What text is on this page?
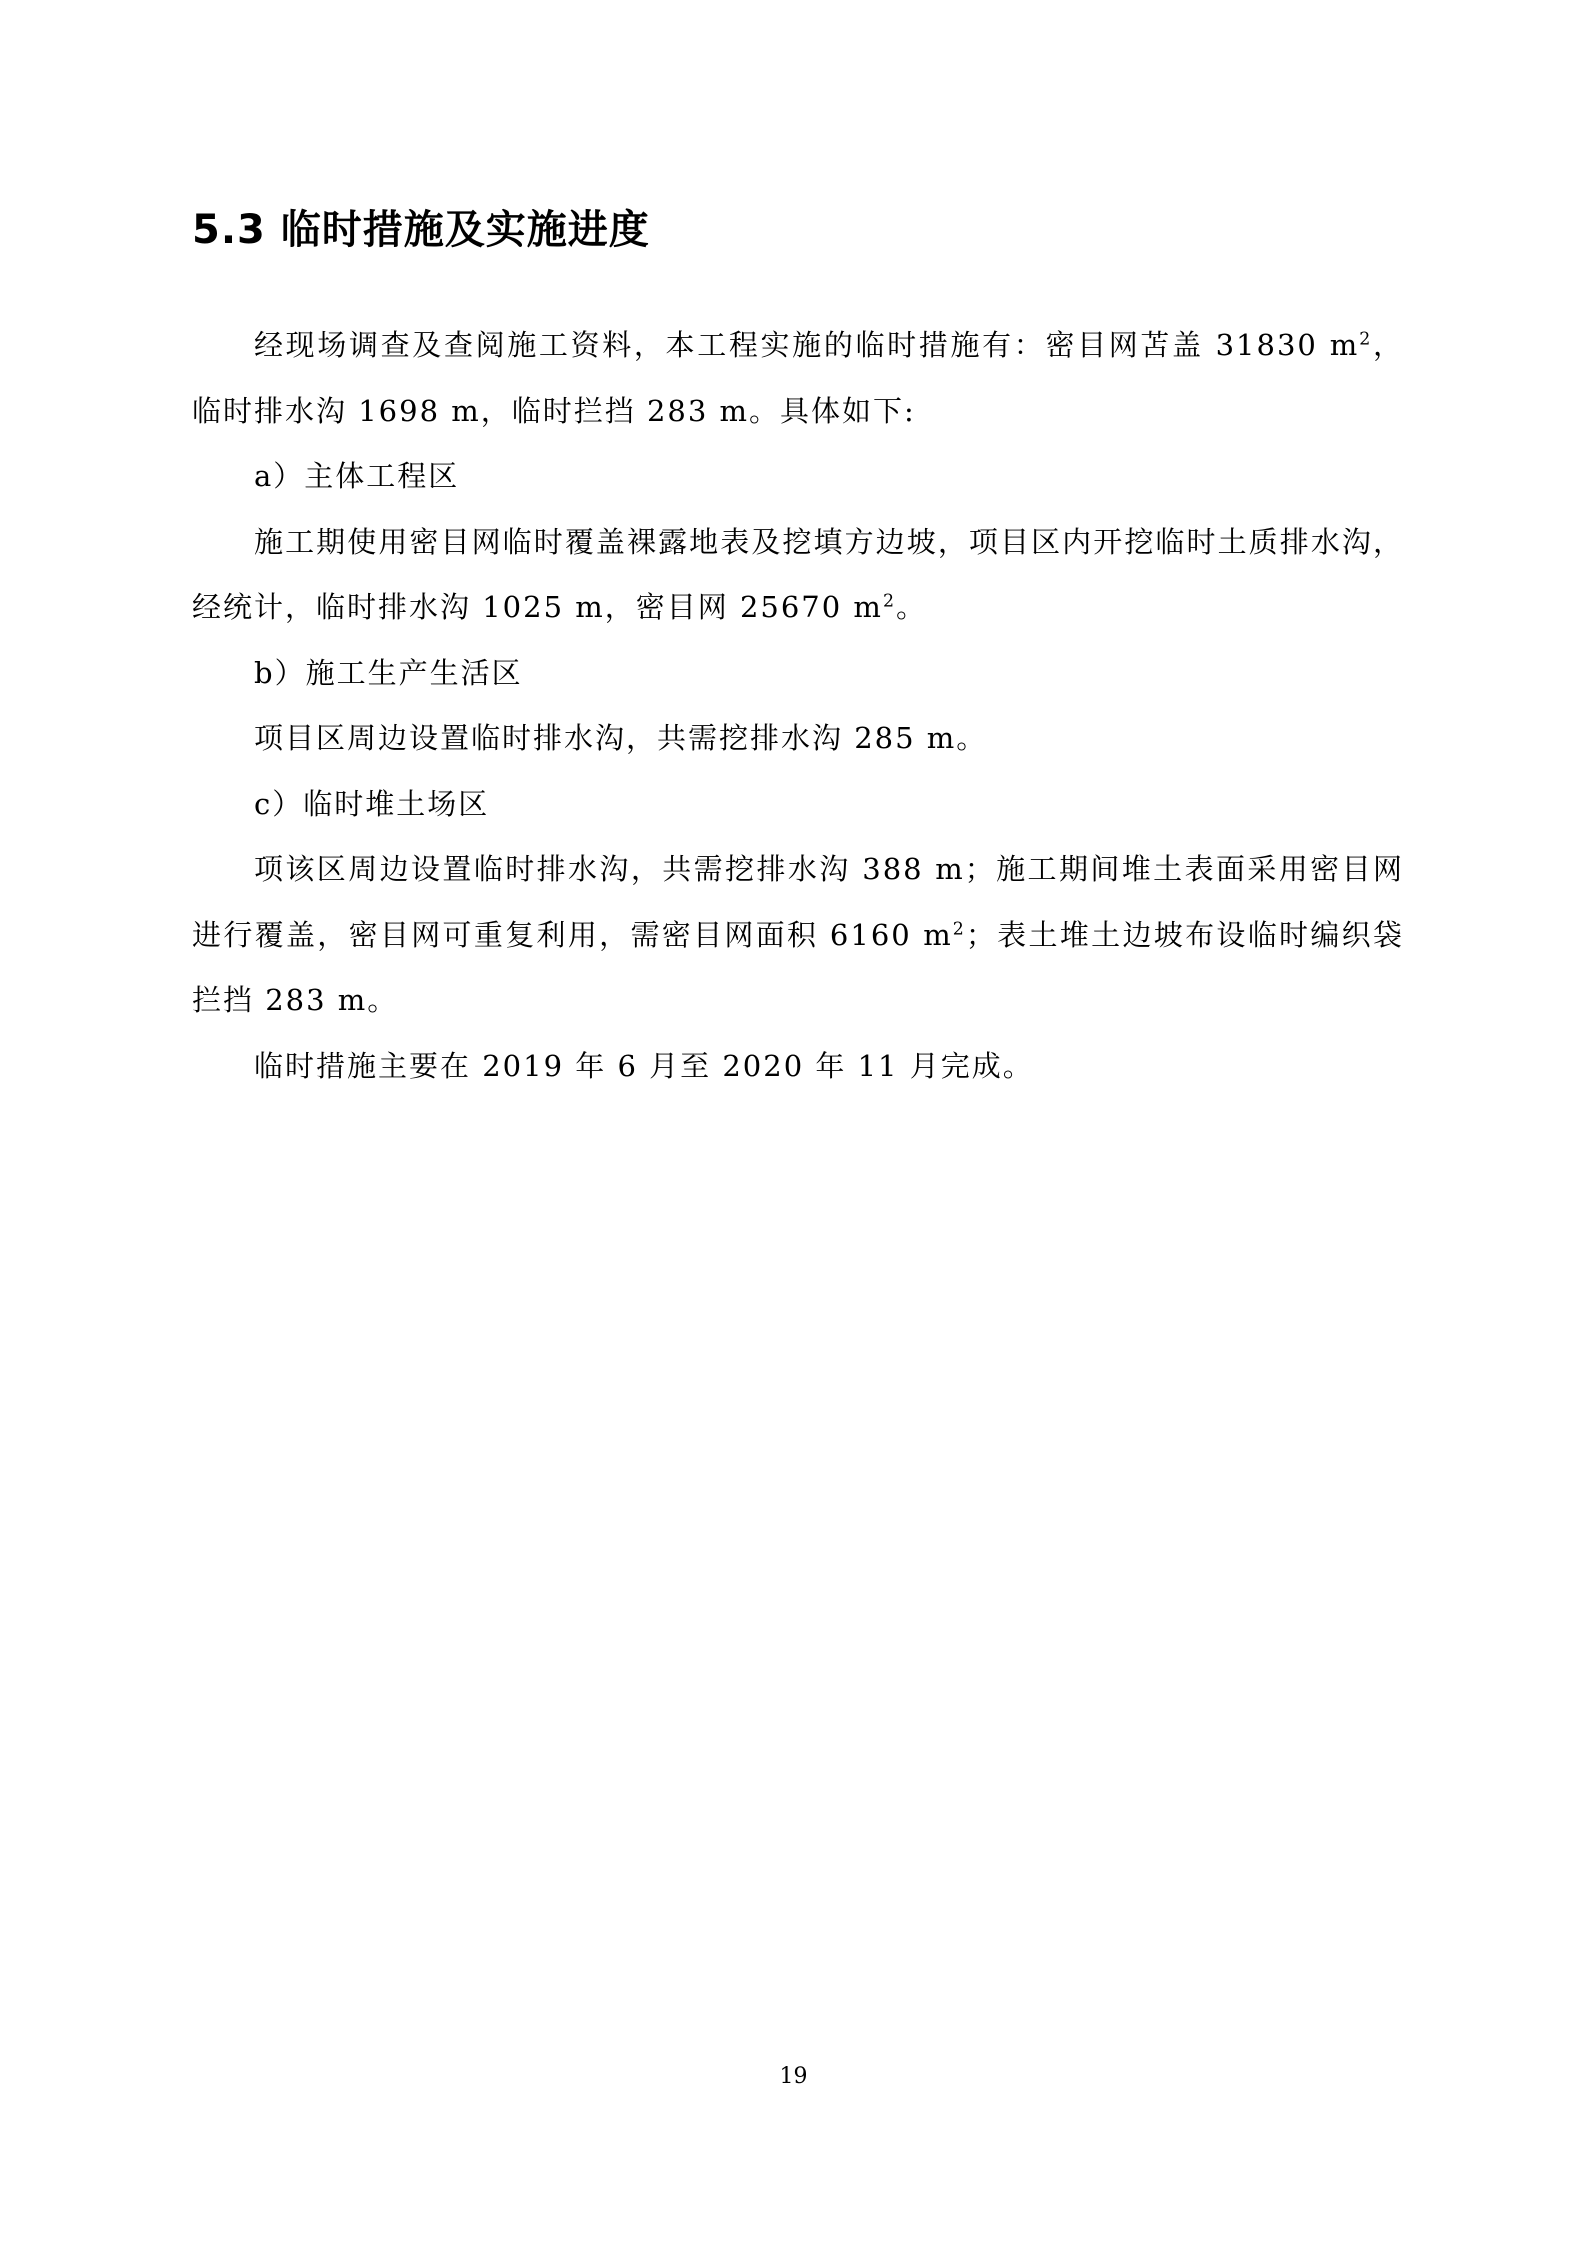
5.3 临时措施及实施进度

经现场调查及查阅施工资料，本工程实施的临时措施有：密目网苫盖 31830 $m^2$，临时排水沟 1698 m，临时拦挡 283 m。具体如下:

a）主体工程区

施工期使用密目网临时覆盖裸露地表及挖填方边坡，项目区内开挖临时土质排水沟，经统计，临时排水沟 1025 m，密目网 25670 $m^2$。

b）施工生产生活区

项目区周边设置临时排水沟，共需挖排水沟 285 m。

c）临时堆土场区

项该区周边设置临时排水沟，共需挖排水沟 388 m；施工期间堆土表面采用密目网进行覆盖，密目网可重复利用，需密目网面积 6160 $m^2$；表土堆土边坡布设临时编织袋拦挡 283 m。

临时措施主要在 2019 年 6 月至 2020 年 11 月完成。

19
